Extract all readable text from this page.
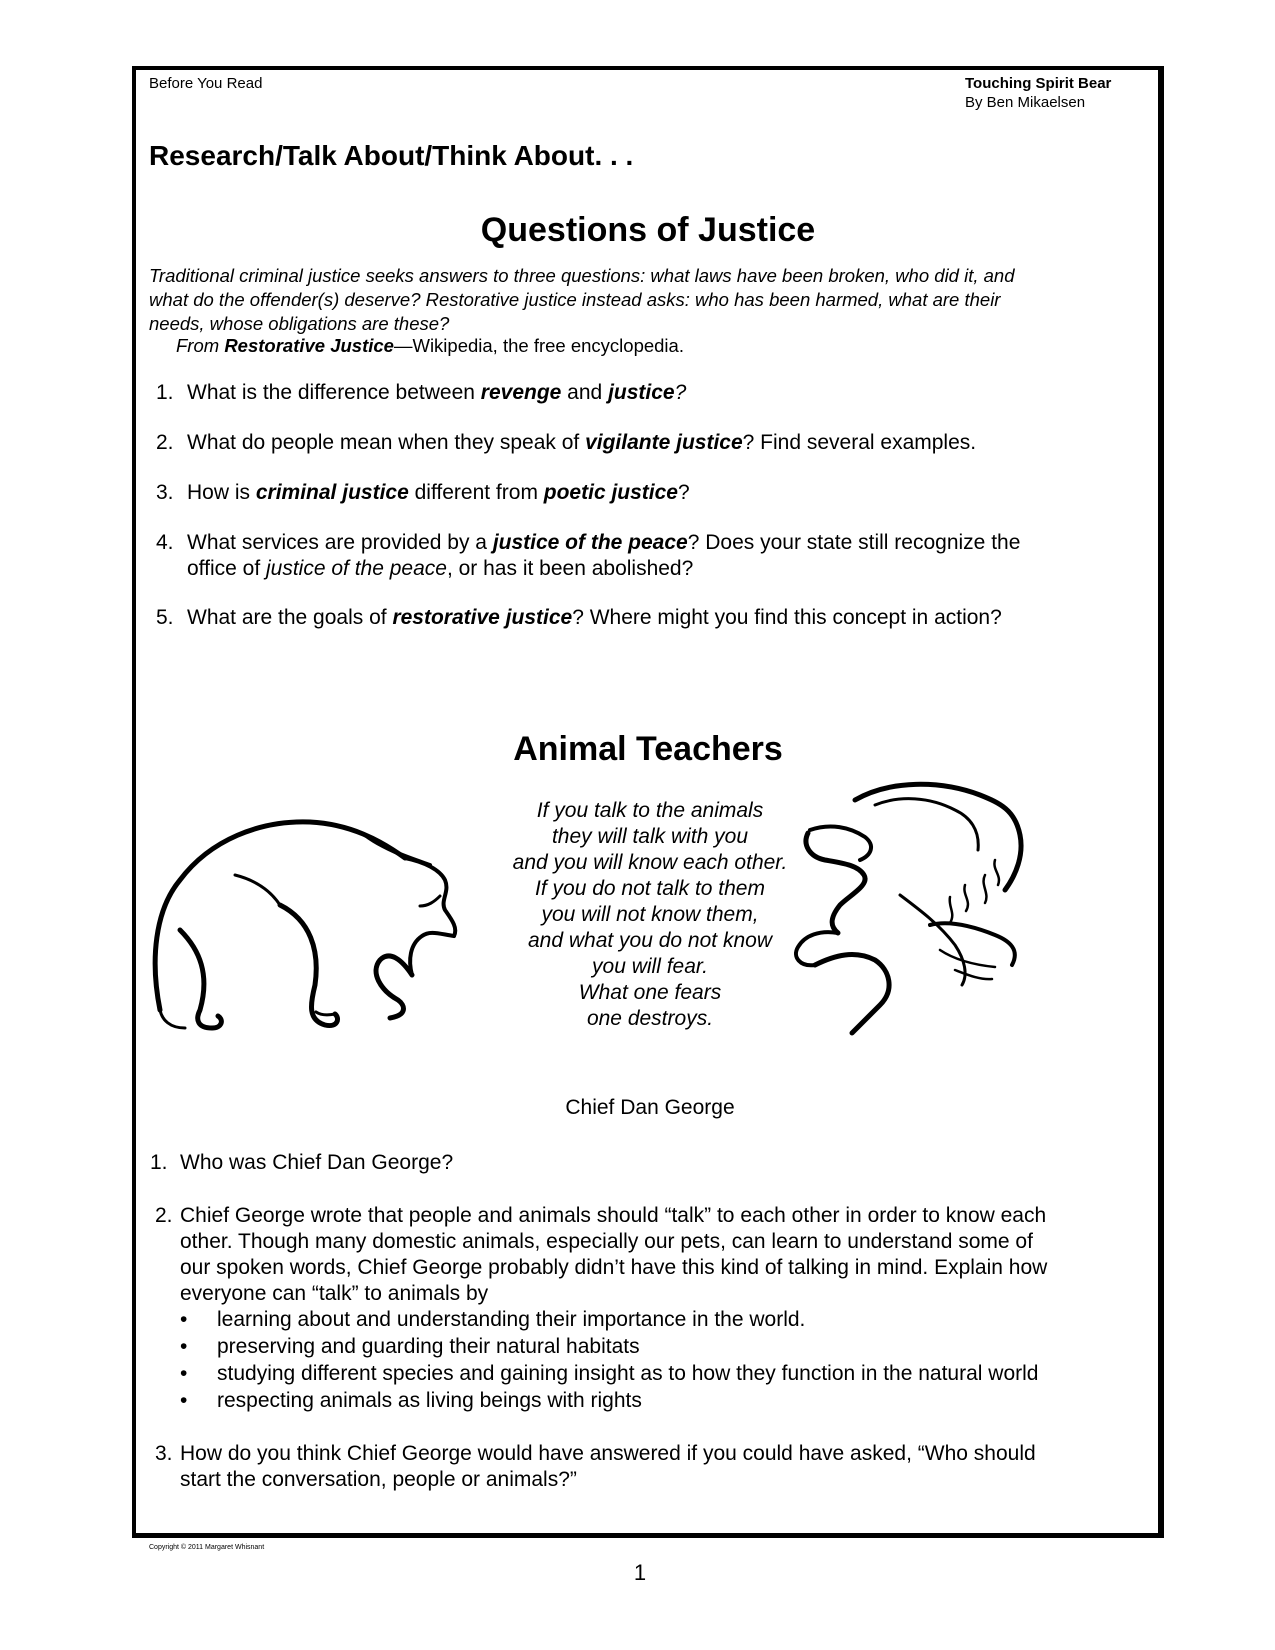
Before You Read	Touching Spirit Bear
By Ben Mikaelsen
Research/Talk About/Think About. . .
Questions of Justice
Traditional criminal justice seeks answers to three questions: what laws have been broken, who did it, and
what do the offender(s) deserve? Restorative justice instead asks: who has been harmed, what are their
needs, whose obligations are these?
From Restorative Justice—Wikipedia, the free encyclopedia.
1. What is the difference between revenge and justice?
2. What do people mean when they speak of vigilante justice? Find several examples.
3. How is criminal justice different from poetic justice?
4. What services are provided by a justice of the peace? Does your state still recognize the
office of justice of the peace, or has it been abolished?
5. What are the goals of restorative justice? Where might you find this concept in action?
Animal Teachers
If you talk to the animals
they will talk with you
and you will know each other.
If you do not talk to them
you will not know them,
and what you do not know
you will fear.
What one fears
one destroys.
Chief Dan George
1. Who was Chief Dan George?
2. Chief George wrote that people and animals should “talk” to each other in order to know each
other. Though many domestic animals, especially our pets, can learn to understand some of
our spoken words, Chief George probably didn’t have this kind of talking in mind. Explain how
everyone can “talk” to animals by
• learning about and understanding their importance in the world.
• preserving and guarding their natural habitats
• studying different species and gaining insight as to how they function in the natural world
• respecting animals as living beings with rights
3. How do you think Chief George would have answered if you could have asked, “Who should
start the conversation, people or animals?”
Copyright © 2011 Margaret Whisnant
1
